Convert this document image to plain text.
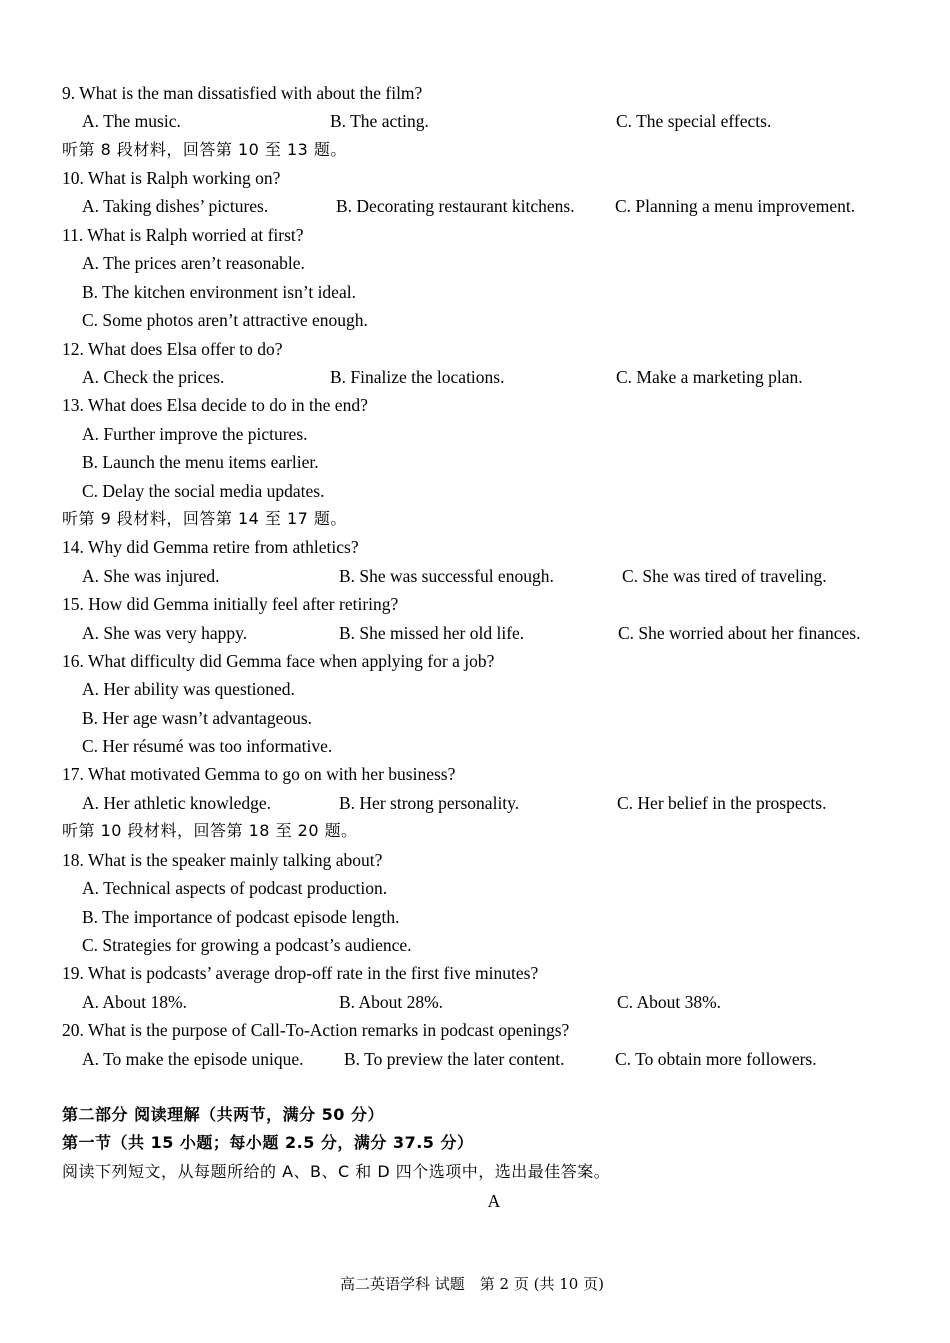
9. What is the man dissatisfied with about the film?
A. The music.	B. The acting.	C. The special effects.
听第 8 段材料，回答第 10 至 13 题。
10. What is Ralph working on?
A. Taking dishes’ pictures.	B. Decorating restaurant kitchens. C. Planning a menu improvement.
11. What is Ralph worried at first?
A. The prices aren’t reasonable.
B. The kitchen environment isn’t ideal.
C. Some photos aren’t attractive enough.
12. What does Elsa offer to do?
A. Check the prices.	B. Finalize the locations.	C. Make a marketing plan.
13. What does Elsa decide to do in the end?
A. Further improve the pictures.
B. Launch the menu items earlier.
C. Delay the social media updates.
听第 9 段材料，回答第 14 至 17 题。
14. Why did Gemma retire from athletics?
A. She was injured.	B. She was successful enough.	C. She was tired of traveling.
15. How did Gemma initially feel after retiring?
A. She was very happy.	B. She missed her old life.	C. She worried about her finances.
16. What difficulty did Gemma face when applying for a job?
A. Her ability was questioned.
B. Her age wasn’t advantageous.
C. Her résumé was too informative.
17. What motivated Gemma to go on with her business?
A. Her athletic knowledge.	B. Her strong personality.	C. Her belief in the prospects.
听第 10 段材料，回答第 18 至 20 题。
18. What is the speaker mainly talking about?
A. Technical aspects of podcast production.
B. The importance of podcast episode length.
C. Strategies for growing a podcast’s audience.
19. What is podcasts’ average drop-off rate in the first five minutes?
A. About 18%.	B. About 28%.	C. About 38%.
20. What is the purpose of Call-To-Action remarks in podcast openings?
A. To make the episode unique. B. To preview the later content.	C. To obtain more followers.
第二部分 阅读理解（共两节，满分 50 分）
第一节（共 15 小题；每小题 2.5 分，满分 37.5 分）
阅读下列短文，从每题所给的 A、B、C 和 D 四个选项中，选出最佳答案。
A
高二英语学科 试题　第 2 页 (共 10 页)
